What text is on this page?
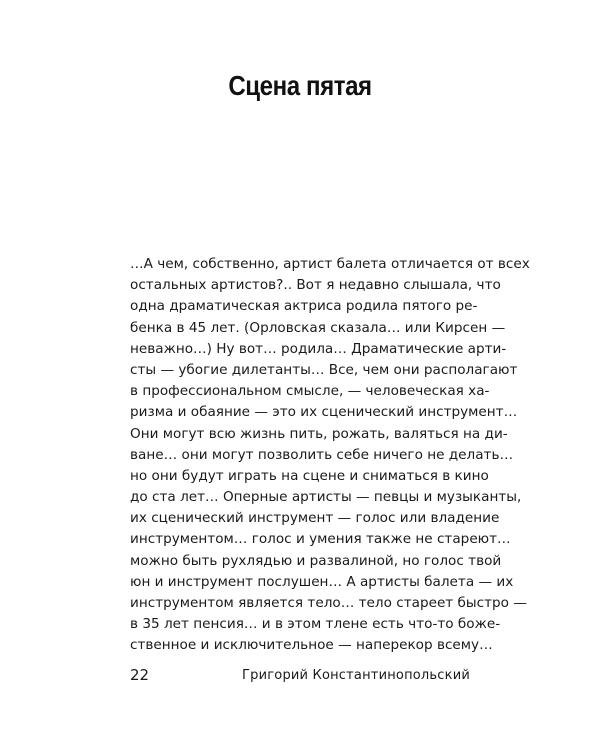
Сцена пятая
…А чем, собственно, артист балета отличается от всех
остальных артистов?.. Вот я недавно слышала, что
одна драматическая актриса родила пятого ре-
бенка в 45 лет. (Орловская сказала… или Кирсен —
неважно…) Ну вот… родила… Драматические арти-
сты — убогие дилетанты… Все, чем они располагают
в профессиональном смысле, — человеческая ха-
ризма и обаяние — это их сценический инструмент…
Они могут всю жизнь пить, рожать, валяться на ди-
ване… они могут позволить себе ничего не делать…
но они будут играть на сцене и сниматься в кино
до ста лет… Оперные артисты — певцы и музыканты,
их сценический инструмент — голос или владение
инструментом… голос и умения также не стареют…
можно быть рухлядью и развалиной, но голос твой
юн и инструмент послушен… А артисты балета — их
инструментом является тело… тело стареет быстро —
в 35 лет пенсия… и в этом тлене есть что-то боже-
ственное и исключительное — наперекор всему…
22	Григорий Константинопольский
